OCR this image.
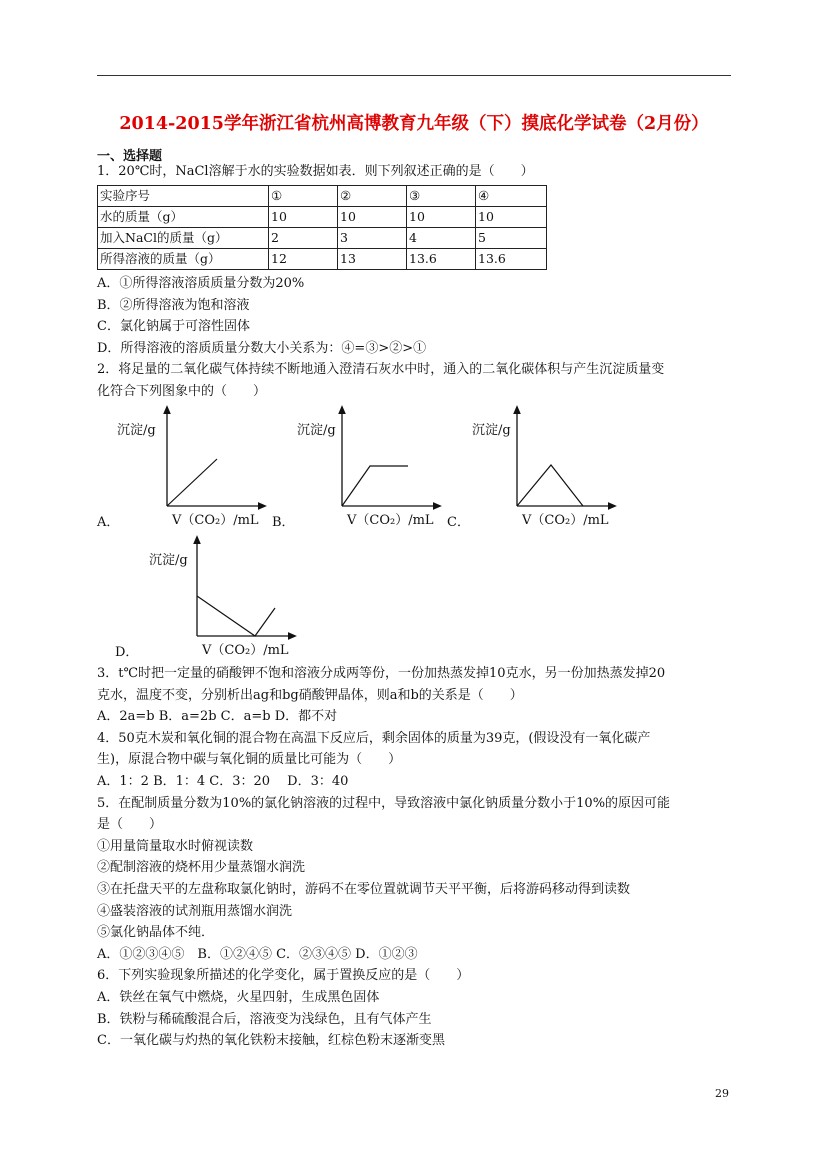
2014-2015学年浙江省杭州高博教育九年级（下）摸底化学试卷（2月份）
一、选择题
1．20℃时，NaCl溶解于水的实验数据如表．则下列叙述正确的是（　　）
实验序号	①	②	③	④
水的质量（g）	10	10	10	10
加入NaCl的质量（g）	2	3	4	5
所得溶液的质量（g）	12	13	13.6	13.6
A．①所得溶液溶质质量分数为20%
B．②所得溶液为饱和溶液
C．氯化钠属于可溶性固体
D．所得溶液的溶质质量分数大小关系为：④=③>②>①
2．将足量的二氧化碳气体持续不断地通入澄清石灰水中时，通入的二氧化碳体积与产生沉淀质量变
化符合下列图象中的（　　）
沉淀/g
V（CO₂）/mL
A．
沉淀/g
V（CO₂）/mL
B．
沉淀/g
V（CO₂）/mL
C．
沉淀/g
V（CO₂）/mL
D．
3．t℃时把一定量的硝酸钾不饱和溶液分成两等份，一份加热蒸发掉10克水，另一份加热蒸发掉20
克水，温度不变，分别析出ag和bg硝酸钾晶体，则a和b的关系是（　　）
A．2a=b B．a=2b C．a=b D．都不对
4．50克木炭和氧化铜的混合物在高温下反应后，剩余固体的质量为39克，(假设没有一氧化碳产
生)，原混合物中碳与氧化铜的质量比可能为（　　）
A．1：2 B．1：4 C．3：20　 D．3：40
5．在配制质量分数为10%的氯化钠溶液的过程中，导致溶液中氯化钠质量分数小于10%的原因可能
是（　　）
①用量筒量取水时俯视读数
②配制溶液的烧杯用少量蒸馏水润洗
③在托盘天平的左盘称取氯化钠时，游码不在零位置就调节天平平衡，后将游码移动得到读数
④盛装溶液的试剂瓶用蒸馏水润洗
⑤氯化钠晶体不纯．
A．①②③④⑤　B．①②④⑤ C．②③④⑤ D．①②③
6．下列实验现象所描述的化学变化，属于置换反应的是（　　）
A．铁丝在氧气中燃烧，火星四射，生成黑色固体
B．铁粉与稀硫酸混合后，溶液变为浅绿色，且有气体产生
C．一氧化碳与灼热的氧化铁粉末接触，红棕色粉末逐渐变黑
29
